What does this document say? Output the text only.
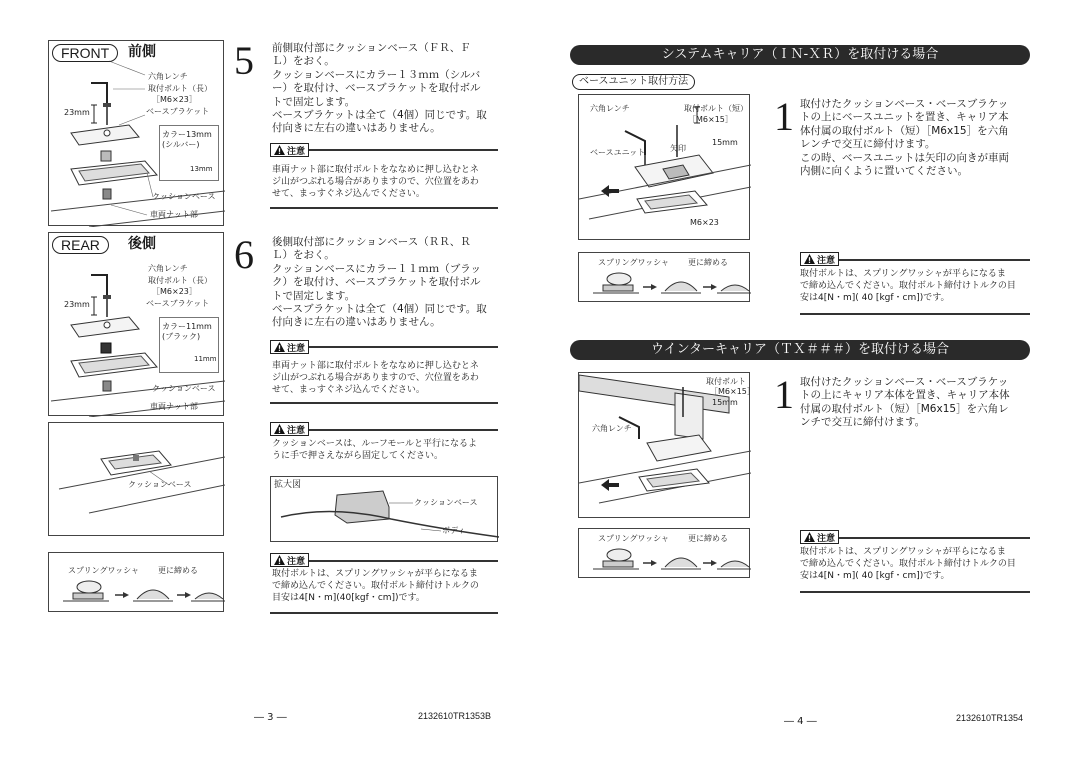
FRONT	前側
六角レンチ
取付ボルト（長）
［M6×23］
ベースブラケット
23mm
カラー13mm
(シルバー)
13mm
クッションベース
車両ナット部
REAR	後側
六角レンチ
取付ボルト（長）
［M6×23］
ベースブラケット
23mm
カラー11mm
(ブラック)
11mm
クッションベース
車両ナット部
クッションベース
スプリングワッシャ 更に締める
5 前側取付部にクッションベース（ＦＲ、Ｆ
Ｌ）をおく。
クッションベースにカラー１３ｍｍ（シルバ
ー）を取付け、ベースブラケットを取付ボル
トで固定します。
ベースブラケットは全て（4個）同じです。取
付向きに左右の違いはありません。
注意
車両ナット部に取付ボルトをななめに押し込むとネ
ジ山がつぶれる場合がありますので、穴位置をあわ
せて、まっすぐネジ込んでください。
6 後側取付部にクッションベース（ＲＲ、Ｒ
Ｌ）をおく。
クッションベースにカラー１１ｍｍ（ブラッ
ク）を取付け、ベースブラケットを取付ボル
トで固定します。
ベースブラケットは全て（4個）同じです。取
付向きに左右の違いはありません。
注意
車両ナット部に取付ボルトをななめに押し込むとネ
ジ山がつぶれる場合がありますので、穴位置をあわ
せて、まっすぐネジ込んでください。
注意
クッションベースは、ルーフモールと平行になるよ
うに手で押さえながら固定してください。
拡大図
クッションベース
ボディ
注意
取付ボルトは、スプリングワッシャが平らになるま
で締め込んでください。取付ボルト締付けトルクの
目安は4[N・m](40[kgf・cm])です。
― 3 ―	2132610TR1353B
システムキャリア（ＩＮ-ＸＲ）を取付ける場合
ベースユニット取付方法
六角レンチ	取付ボルト（短）
［M6×15］
15mm
矢印
ベースユニット
M6×23
1 取付けたクッションベース・ベースブラケッ
トの上にベースユニットを置き、キャリア本
体付属の取付ボルト（短）［M6x15］を六角
レンチで交互に締付けます。
この時、ベースユニットは矢印の向きが車両
内側に向くように置いてください。
スプリングワッシャ 更に締める	注意
取付ボルトは、スプリングワッシャが平らになるま
で締め込んでください。取付ボルト締付けトルクの目
安は4[N・m]( 40 [kgf・cm])です。
ウインターキャリア（ＴＸ＃＃＃）を取付ける場合
取付ボルト
［M6×15］
15mm
六角レンチ
1 取付けたクッションベース・ベースブラケッ
トの上にキャリア本体を置き、キャリア本体
付属の取付ボルト（短）［M6x15］を六角レ
ンチで交互に締付けます。
スプリングワッシャ 更に締める	注意
取付ボルトは、スプリングワッシャが平らになるま
で締め込んでください。取付ボルト締付けトルクの目
安は4[N・m]( 40 [kgf・cm])です。
― 4 ―	2132610TR1354
